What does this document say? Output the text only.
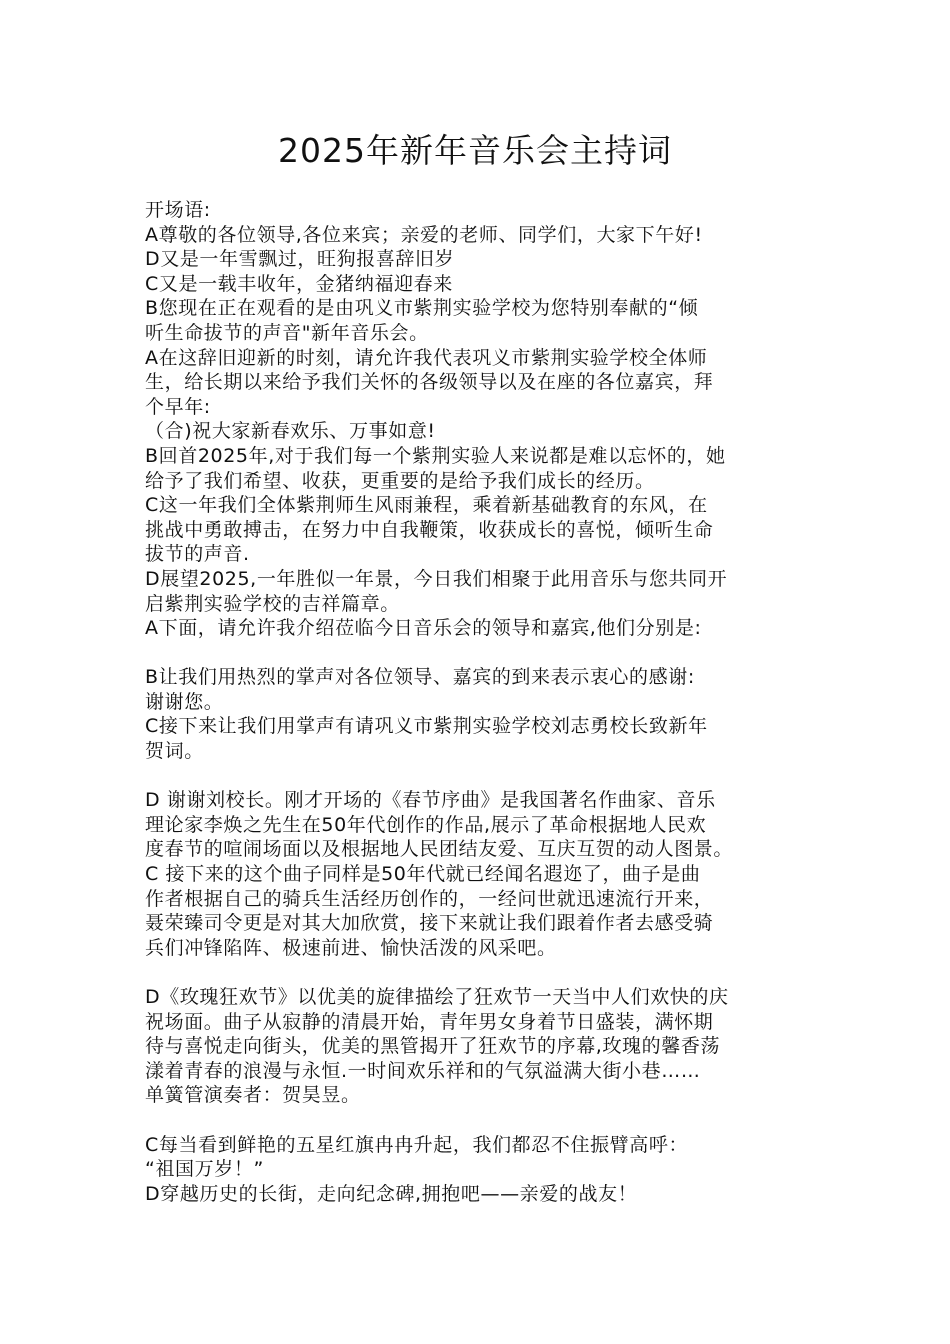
2025年新年音乐会主持词
开场语:
A尊敬的各位领导,各位来宾；亲爱的老师、同学们，大家下午好!
D又是一年雪飘过，旺狗报喜辞旧岁
C又是一载丰收年，金猪纳福迎春来
B您现在正在观看的是由巩义市紫荆实验学校为您特别奉献的“倾
听生命拔节的声音"新年音乐会。
A在这辞旧迎新的时刻，请允许我代表巩义市紫荆实验学校全体师
生，给长期以来给予我们关怀的各级领导以及在座的各位嘉宾，拜
个早年:
（合)祝大家新春欢乐、万事如意!
B回首2025年,对于我们每一个紫荆实验人来说都是难以忘怀的，她
给予了我们希望、收获，更重要的是给予我们成长的经历。
C这一年我们全体紫荆师生风雨兼程，乘着新基础教育的东风，在
挑战中勇敢搏击，在努力中自我鞭策，收获成长的喜悦，倾听生命
拔节的声音.
D展望2025,一年胜似一年景，今日我们相聚于此用音乐与您共同开
启紫荆实验学校的吉祥篇章。
A下面，请允许我介绍莅临今日音乐会的领导和嘉宾,他们分别是:
B让我们用热烈的掌声对各位领导、嘉宾的到来表示衷心的感谢:
谢谢您。
C接下来让我们用掌声有请巩义市紫荆实验学校刘志勇校长致新年
贺词。
D 谢谢刘校长。刚才开场的《春节序曲》是我国著名作曲家、音乐
理论家李焕之先生在50年代创作的作品,展示了革命根据地人民欢
度春节的喧闹场面以及根据地人民团结友爱、互庆互贺的动人图景。
C 接下来的这个曲子同样是50年代就已经闻名遐迩了，曲子是曲
作者根据自己的骑兵生活经历创作的，一经问世就迅速流行开来，
聂荣臻司令更是对其大加欣赏，接下来就让我们跟着作者去感受骑
兵们冲锋陷阵、极速前进、愉快活泼的风采吧。
D《玫瑰狂欢节》以优美的旋律描绘了狂欢节一天当中人们欢快的庆
祝场面。曲子从寂静的清晨开始，青年男女身着节日盛装，满怀期
待与喜悦走向街头，优美的黑管揭开了狂欢节的序幕,玫瑰的馨香荡
漾着青春的浪漫与永恒.一时间欢乐祥和的气氛溢满大街小巷……
单簧管演奏者：贺昊昱。
C每当看到鲜艳的五星红旗冉冉升起，我们都忍不住振臂高呼：
“祖国万岁！”
D穿越历史的长街，走向纪念碑,拥抱吧——亲爱的战友！
